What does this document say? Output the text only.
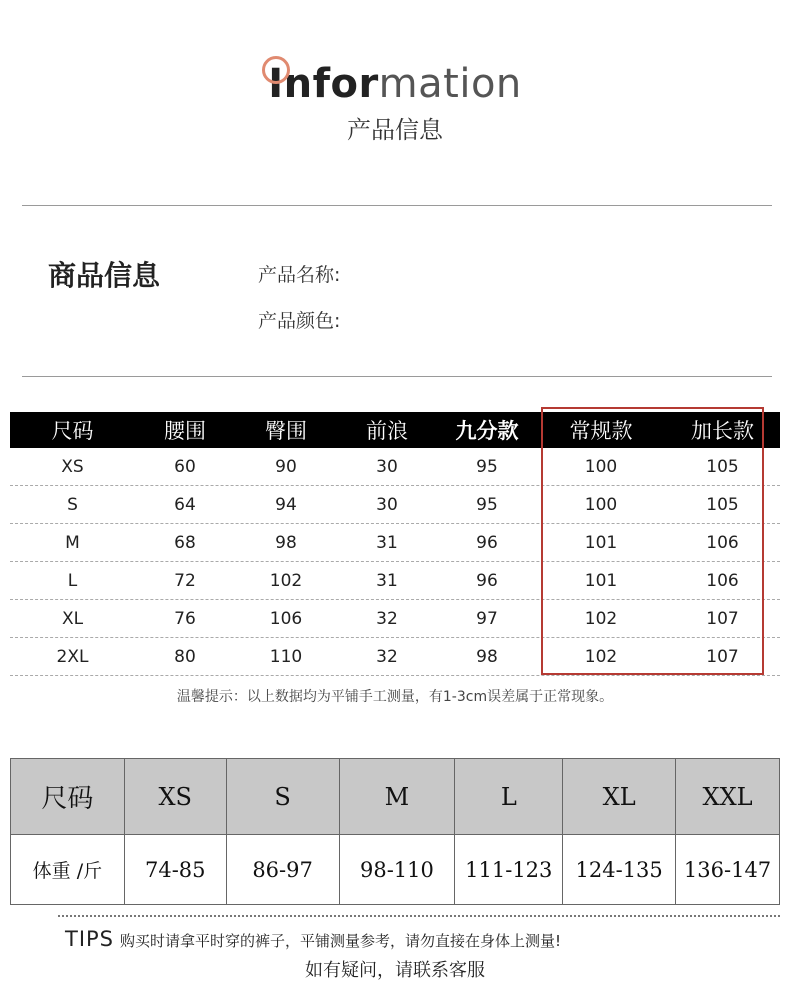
Information
产品信息
商品信息	产品名称:
产品颜色:
尺码	腰围	臀围	前浪	九分款	常规款	加长款
XS	60	90	30	95	100	105
S	64	94	30	95	100	105
M	68	98	31	96	101	106
L	72	102	31	96	101	106
XL	76	106	32	97	102	107
2XL	80	110	32	98	102	107
温馨提示：以上数据均为平铺手工测量，有1-3cm误差属于正常现象。
尺码	XS	S	M	L	XL	XXL
体重 /斤	74-85	86-97	98-110	111-123	124-135	136-147
TIPS 购买时请拿平时穿的裤子，平铺测量参考，请勿直接在身体上测量!
如有疑问，请联系客服
